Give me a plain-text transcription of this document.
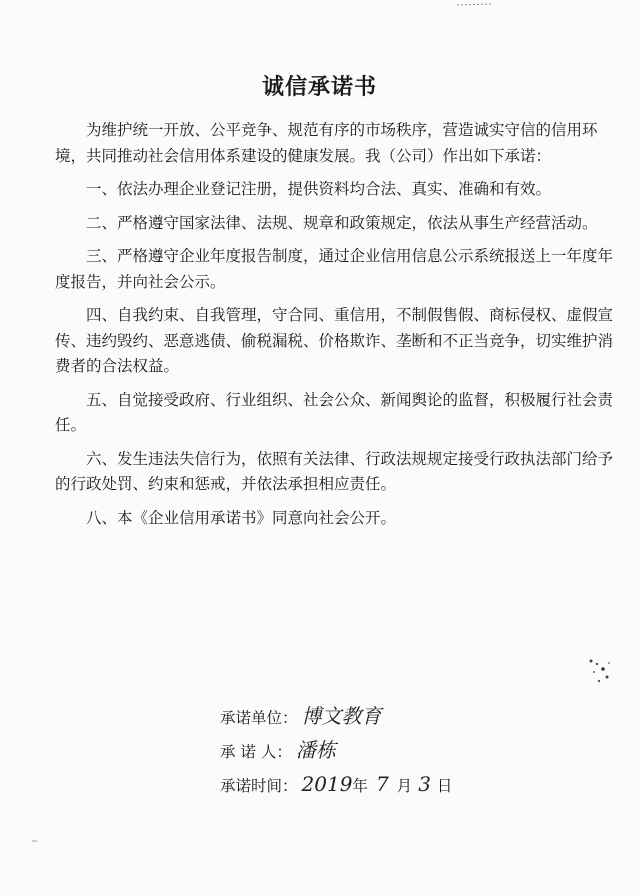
诚信承诺书

为维护统一开放、公平竞争、规范有序的市场秩序，营造诚实守信的信用环境，共同推动社会信用体系建设的健康发展。我（公司）作出如下承诺：

一、依法办理企业登记注册，提供资料均合法、真实、准确和有效。

二、严格遵守国家法律、法规、规章和政策规定，依法从事生产经营活动。

三、严格遵守企业年度报告制度，通过企业信用信息公示系统报送上一年度年度报告，并向社会公示。

四、自我约束、自我管理，守合同、重信用，不制假售假、商标侵权、虚假宣传、违约毁约、恶意逃债、偷税漏税、价格欺诈、垄断和不正当竞争，切实维护消费者的合法权益。

五、自觉接受政府、行业组织、社会公众、新闻舆论的监督，积极履行社会责任。

六、发生违法失信行为，依照有关法律、行政法规规定接受行政执法部门给予的行政处罚、约束和惩戒，并依法承担相应责任。

八、本《企业信用承诺书》同意向社会公开。

承诺单位： 博文教育
承 诺 人： 潘栋
承诺时间： 2019年 7 月 3 日
